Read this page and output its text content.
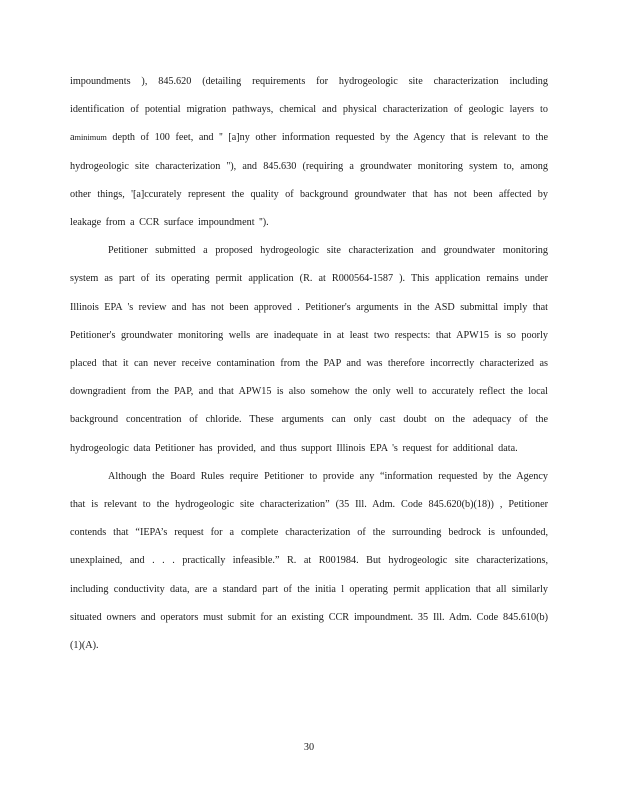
impoundments ), 845.620 (detailing requirements for hydrogeologic site characterization including identification of potential migration pathways, chemical and physical characterization of geologic layers to aminimum depth of 100 feet, and '' [a]ny other information requested by the Agency that is relevant to the hydrogeologic site characterization ''), and 845.630 (requiring a groundwater monitoring system to, among other things, '[a]ccurately represent the quality of background groundwater that has not been affected by leakage from a CCR surface impoundment '').

Petitioner submitted a proposed hydrogeologic site characterization and groundwater monitoring system as part of its operating permit application (R. at R000564-1587 ). This application remains under Illinois EPA 's review and has not been approved . Petitioner's arguments in the ASD submittal imply that Petitioner's groundwater monitoring wells are inadequate in at least two respects: that APW15 is so poorly placed that it can never receive contamination from the PAP and was therefore incorrectly characterized as downgradient from the PAP, and that APW15 is also somehow the only well to accurately reflect the local background concentration of chloride. These arguments can only cast doubt on the adequacy of the hydrogeologic data Petitioner has provided, and thus support Illinois EPA 's request for additional data.

Although the Board Rules require Petitioner to provide any “information requested by the Agency that is relevant to the hydrogeologic site characterization” (35 Ill. Adm. Code 845.620(b)(18)) , Petitioner contends that “IEPA’s request for a complete characterization of the surrounding bedrock is unfounded, unexplained, and . . . practically infeasible.” R. at R001984. But hydrogeologic site characterizations, including conductivity data, are a standard part of the initia l operating permit application that all similarly situated owners and operators must submit for an existing CCR impoundment. 35 Ill. Adm. Code 845.610(b)(1)(A).

30
